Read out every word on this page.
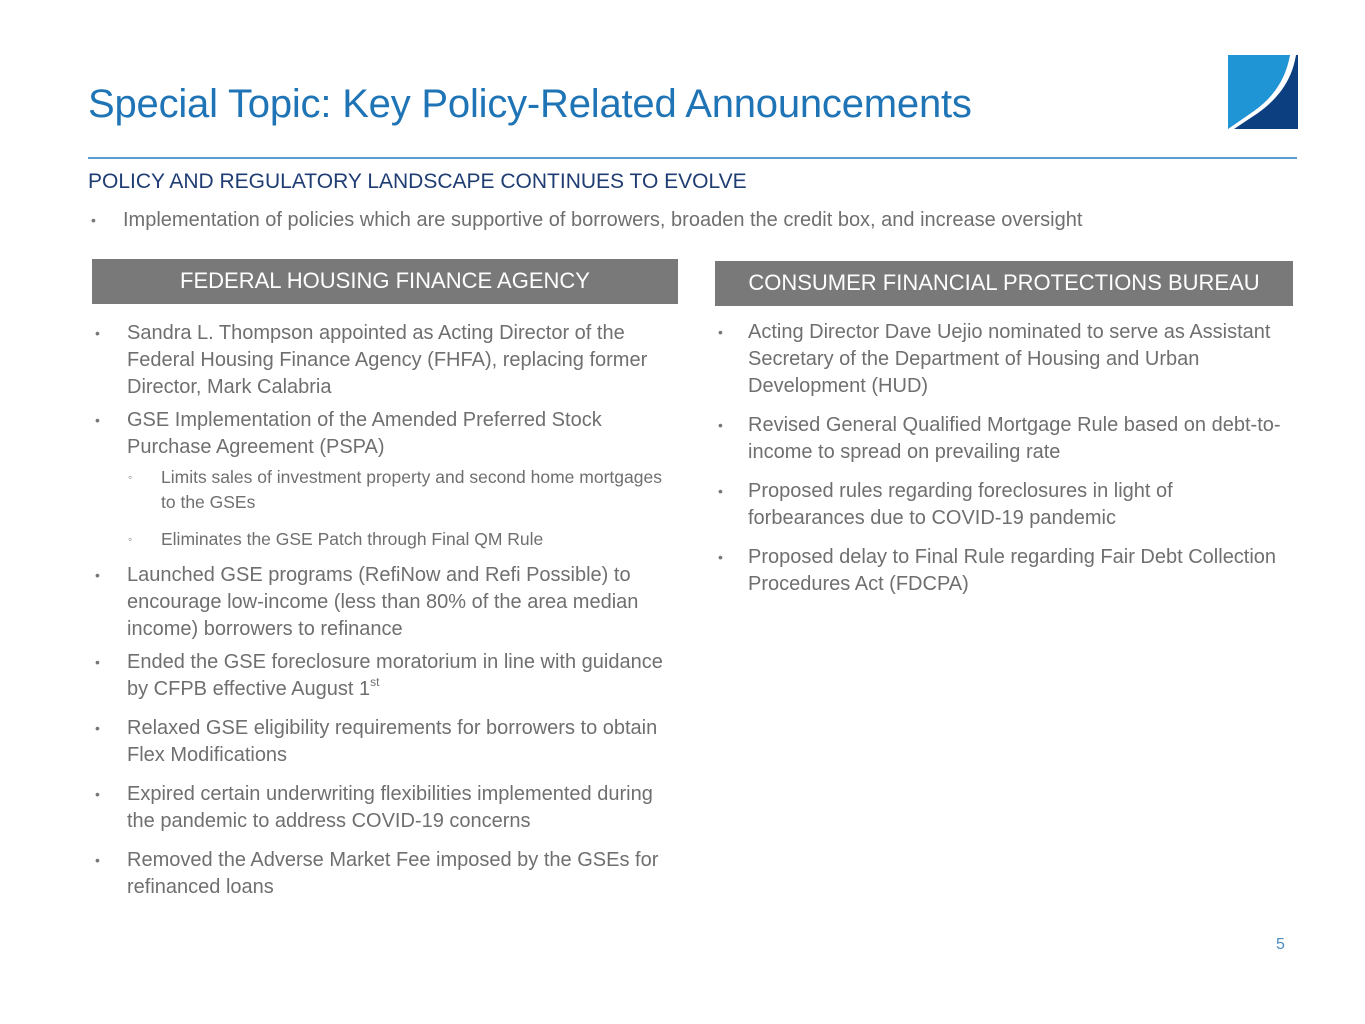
Special Topic: Key Policy-Related Announcements
POLICY AND REGULATORY LANDSCAPE CONTINUES TO EVOLVE
• Implementation of policies which are supportive of borrowers, broaden the credit box, and increase oversight
FEDERAL HOUSING FINANCE AGENCY
• Sandra L. Thompson appointed as Acting Director of the Federal Housing Finance Agency (FHFA), replacing former Director, Mark Calabria
• GSE Implementation of the Amended Preferred Stock Purchase Agreement (PSPA)
◦ Limits sales of investment property and second home mortgages to the GSEs
◦ Eliminates the GSE Patch through Final QM Rule
• Launched GSE programs (RefiNow and Refi Possible) to encourage low-income (less than 80% of the area median income) borrowers to refinance
• Ended the GSE foreclosure moratorium in line with guidance by CFPB effective August 1st
• Relaxed GSE eligibility requirements for borrowers to obtain Flex Modifications
• Expired certain underwriting flexibilities implemented during the pandemic to address COVID-19 concerns
• Removed the Adverse Market Fee imposed by the GSEs for refinanced loans
CONSUMER FINANCIAL PROTECTIONS BUREAU
• Acting Director Dave Uejio nominated to serve as Assistant Secretary of the Department of Housing and Urban Development (HUD)
• Revised General Qualified Mortgage Rule based on debt-to-income to spread on prevailing rate
• Proposed rules regarding foreclosures in light of forbearances due to COVID-19 pandemic
• Proposed delay to Final Rule regarding Fair Debt Collection Procedures Act (FDCPA)
5
